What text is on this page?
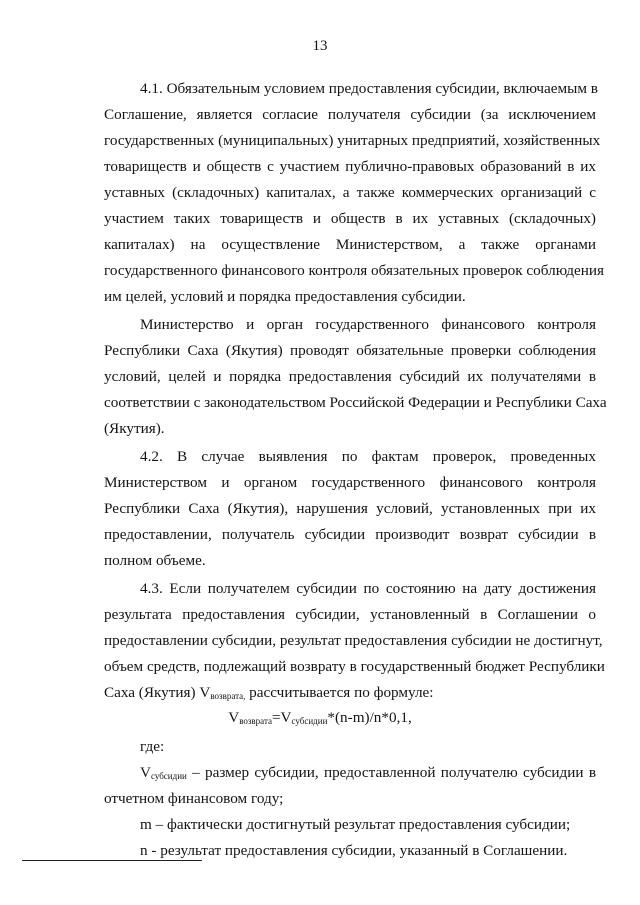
13
4.1. Обязательным условием предоставления субсидии, включаемым в
Соглашение, является согласие получателя субсидии (за исключением
государственных (муниципальных) унитарных предприятий, хозяйственных
товариществ и обществ с участием публично-правовых образований в их
уставных (складочных) капиталах, а также коммерческих организаций с
участием таких товариществ и обществ в их уставных (складочных)
капиталах) на осуществление Министерством, а также органами
государственного финансового контроля обязательных проверок соблюдения
им целей, условий и порядка предоставления субсидии.
Министерство и орган государственного финансового контроля
Республики Саха (Якутия) проводят обязательные проверки соблюдения
условий, целей и порядка предоставления субсидий их получателями в
соответствии с законодательством Российской Федерации и Республики Саха
(Якутия).
4.2. В случае выявления по фактам проверок, проведенных
Министерством и органом государственного финансового контроля
Республики Саха (Якутия), нарушения условий, установленных при их
предоставлении, получатель субсидии производит возврат субсидии в
полном объеме.
4.3. Если получателем субсидии по состоянию на дату достижения
результата предоставления субсидии, установленный в Соглашении о
предоставлении субсидии, результат предоставления субсидии не достигнут,
объем средств, подлежащий возврату в государственный бюджет Республики
Саха (Якутия) $V_{возврата,}$ рассчитывается по формуле:
$V_{возврата}=V_{субсидии}*(n-m)/n*0,1$,
где:
$V_{субсидии}$ – размер субсидии, предоставленной получателю субсидии в
отчетном финансовом году;
m – фактически достигнутый результат предоставления субсидии;
n - результат предоставления субсидии, указанный в Соглашении.
